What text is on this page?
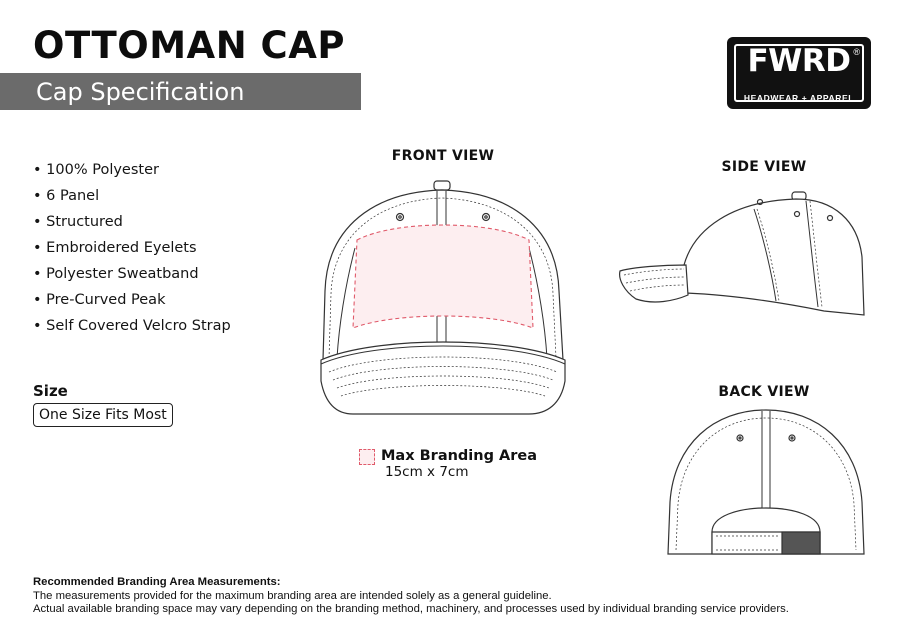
OTTOMAN CAP
Cap Specification
FWRD ®
HEADWEAR + APPAREL
• 100% Polyester
• 6 Panel
• Structured
• Embroidered Eyelets
• Polyester Sweatband
• Pre-Curved Peak
• Self Covered Velcro Strap
Size
One Size Fits Most
FRONT VIEW
SIDE VIEW
BACK VIEW
Max Branding Area
15cm x 7cm
Recommended Branding Area Measurements:
The measurements provided for the maximum branding area are intended solely as a general guideline.
Actual available branding space may vary depending on the branding method, machinery, and processes used by individual branding service providers.
